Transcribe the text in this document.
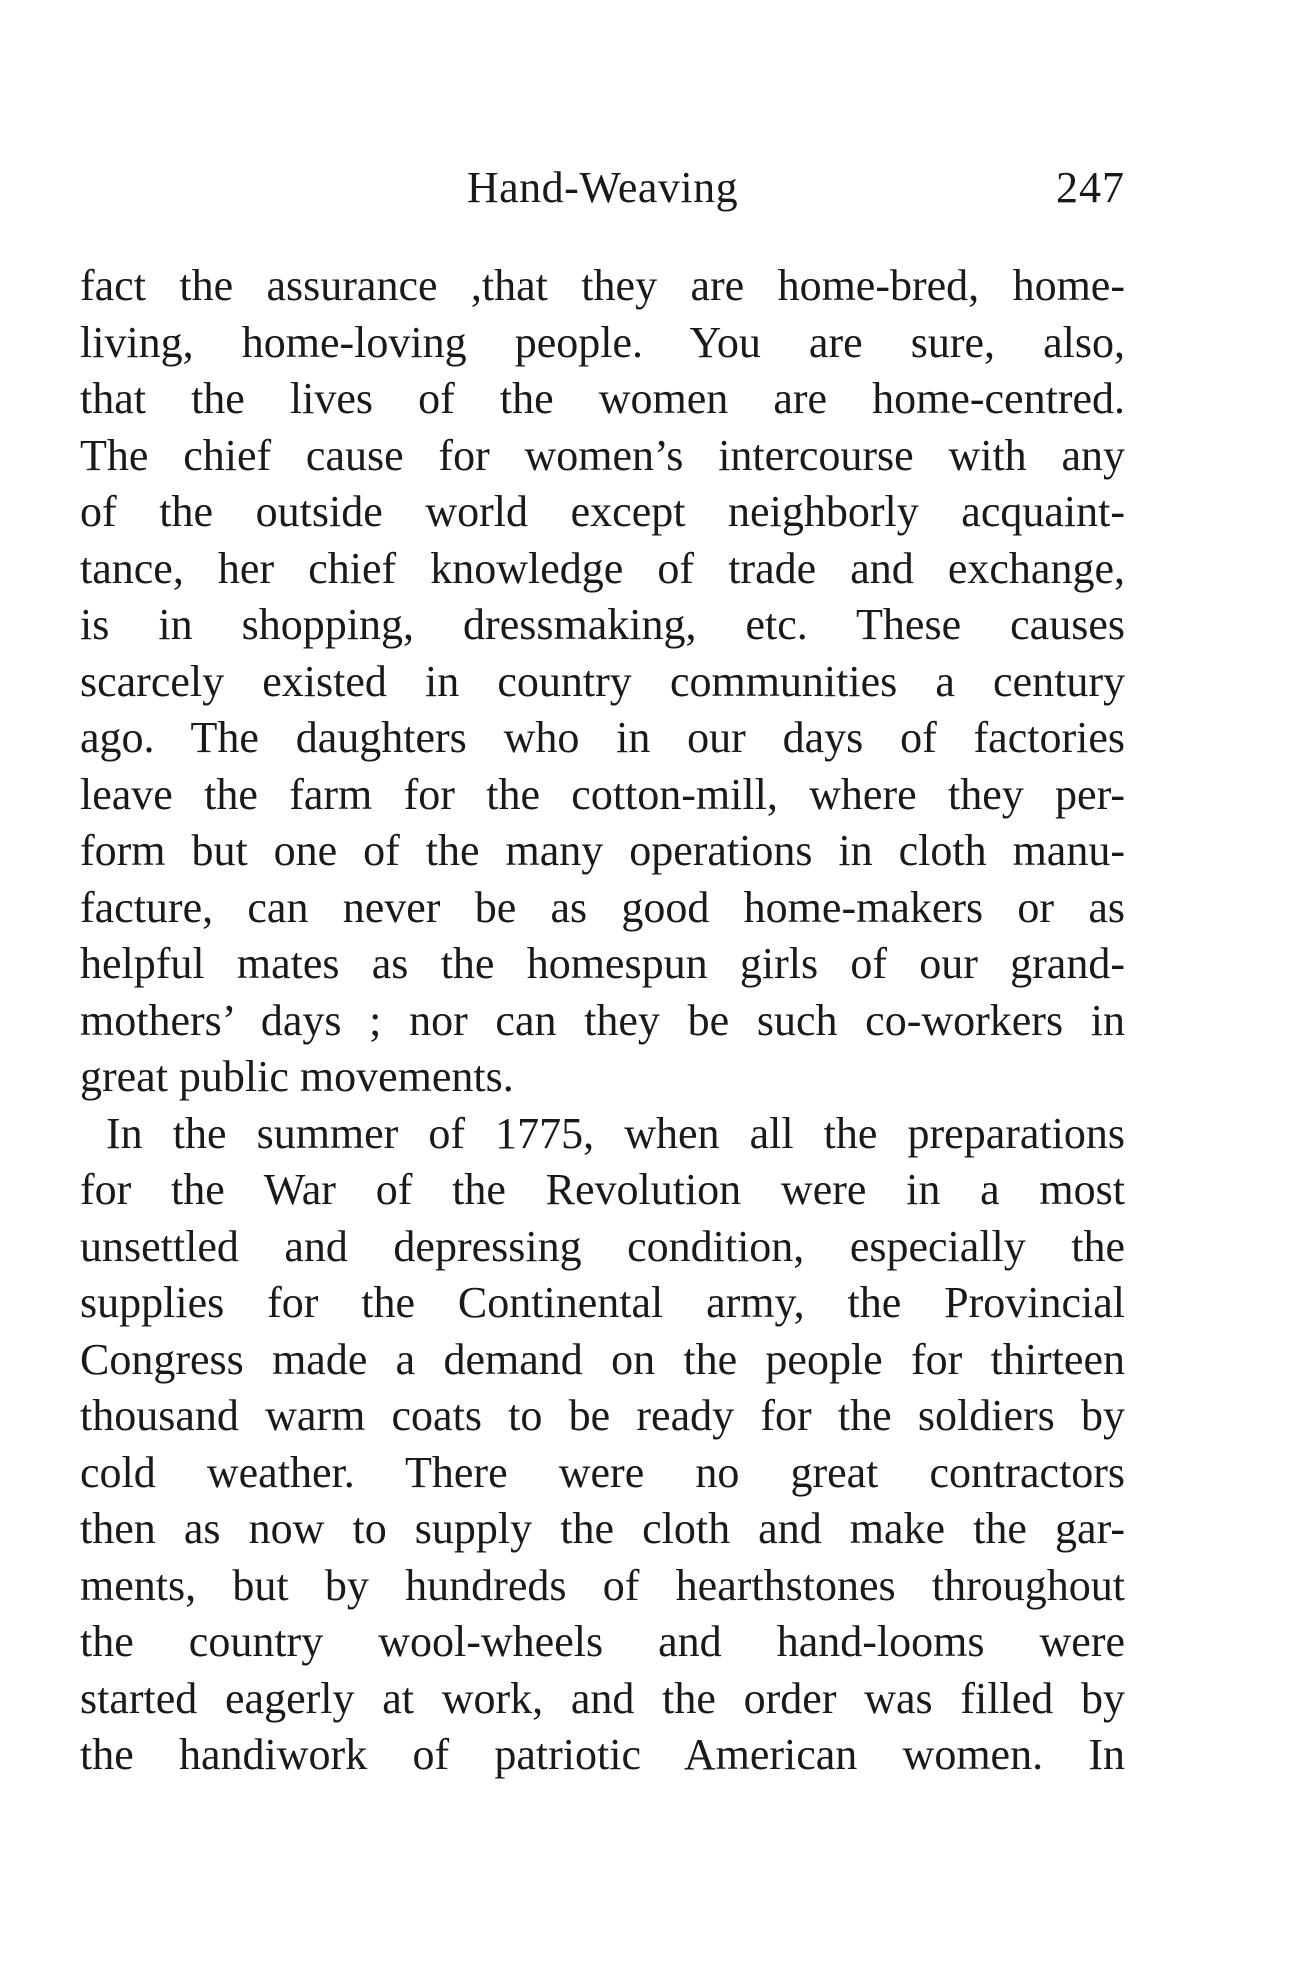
Hand-Weaving	247
fact the assurance ,that they are home-bred, home-
living, home-loving people. You are sure, also,
that the lives of the women are home-centred.
The chief cause for women’s intercourse with any
of the outside world except neighborly acquaint-
tance, her chief knowledge of trade and exchange,
is in shopping, dressmaking, etc. These causes
scarcely existed in country communities a century
ago. The daughters who in our days of factories
leave the farm for the cotton-mill, where they per-
form but one of the many operations in cloth manu-
facture, can never be as good home-makers or as
helpful mates as the homespun girls of our grand-
mothers’ days ; nor can they be such co-workers in
great public movements.
In the summer of 1775, when all the preparations
for the War of the Revolution were in a most
unsettled and depressing condition, especially the
supplies for the Continental army, the Provincial
Congress made a demand on the people for thirteen
thousand warm coats to be ready for the soldiers by
cold weather. There were no great contractors
then as now to supply the cloth and make the gar-
ments, but by hundreds of hearthstones throughout
the country wool-wheels and hand-looms were
started eagerly at work, and the order was filled by
the handiwork of patriotic American women. In
